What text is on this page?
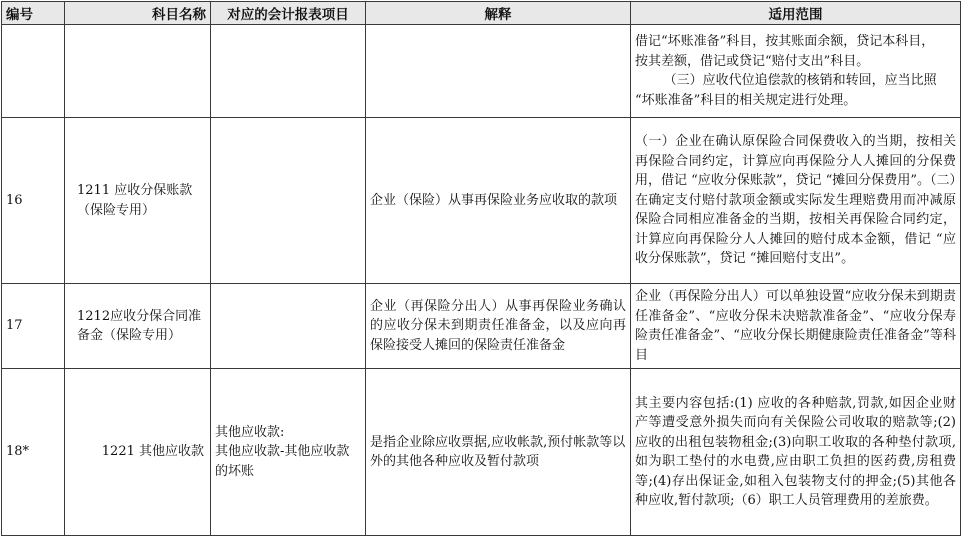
编号	科目名称	对应的会计报表项目	解释	适用范围

				借记“坏账准备”科目，按其账面余额，贷记本科目，
按其差额，借记或贷记“赔付支出”科目。
（三）应收代位追偿款的核销和转回，应当比照
“坏账准备”科目的相关规定进行处理。

16	1211 应收分保账款（保险专用）		企业（保险）从事再保险业务应收取的款项	（一）企业在确认原保险合同保费收入的当期，按相关再保险合同约定，计算应向再保险分人人摊回的分保费用，借记 “应收分保账款”，贷记 “摊回分保费用”。（二）在确定支付赔付款项金额或实际发生理赔费用而冲减原保险合同相应准备金的当期，按相关再保险合同约定，计算应向再保险分人人摊回的赔付成本金额，借记 “应收分保账款”，贷记 “摊回赔付支出”。
17	1212应收分保合同准备金（保险专用）		企业（再保险分出人）从事再保险业务确认的应收分保未到期责任准备金，以及应向再保险接受人摊回的保险责任准备金	企业（再保险分出人）可以单独设置“应收分保未到期责任准备金”、“应收分保未决赔款准备金”、“应收分保寿险责任准备金”、“应收分保长期健康险责任准备金”等科目
18*	1221 其他应收款	其他应收款:
其他应收款-其他应收款的坏账	是指企业除应收票据,应收帐款,预付帐款等以外的其他各种应收及暂付款项	其主要内容包括:(1) 应收的各种赔款,罚款,如因企业财产等遭受意外损失而向有关保险公司收取的赔款等;(2)应收的出租包装物租金;(3)向职工收取的各种垫付款项,如为职工垫付的水电费,应由职工负担的医药费,房租费等;(4)存出保证金,如租入包装物支付的押金;(5)其他各种应收,暂付款项;（6）职工人员管理费用的差旅费。
